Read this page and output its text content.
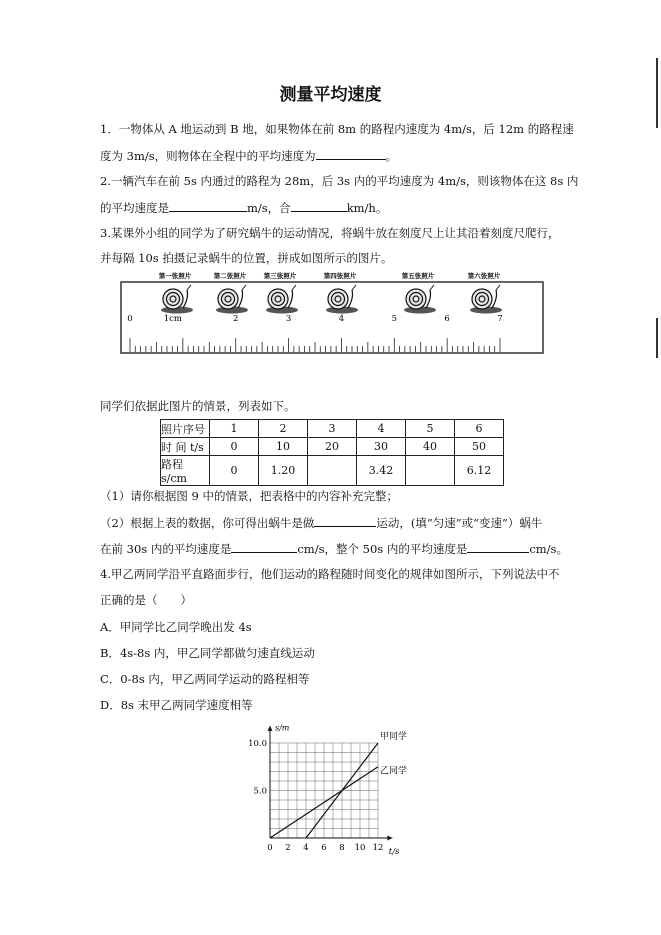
测量平均速度
1．一物体从 A 地运动到 B 地，如果物体在前 8m 的路程内速度为 4m/s，后 12m 的路程速
度为 3m/s，则物体在全程中的平均速度为	。
2.一辆汽车在前 5s 内通过的路程为 28m，后 3s 内的平均速度为 4m/s，则该物体在这 8s 内
的平均速度是	m/s，合	km/h。
3.某课外小组的同学为了研究蜗牛的运动情况，将蜗牛放在刻度尺上让其沿着刻度尺爬行，
并每隔 10s 拍摄记录蜗牛的位置，拼成如图所示的图片。
0	1cm	2	3	4	5	6	7
第一张照片	第二张照片	第三张照片	第四张照片	第五张照片	第六张照片
同学们依据此图片的情景，列表如下。
照片序号	1	2	3	4	5	6
时 间 t/s	0	10	20	30	40	50
路程 s/cm	0	1.20		3.42		6.12
（1）请你根据图 9 中的情景，把表格中的内容补充完整；
（2）根据上表的数据，你可得出蜗牛是做	运动，(填“匀速”或“变速”）蜗牛
在前 30s 内的平均速度是	cm/s，整个 50s 内的平均速度是	cm/s。
4.甲乙两同学沿平直路面步行，他们运动的路程随时间变化的规律如图所示，下列说法中不
正确的是（　　）
A．甲同学比乙同学晚出发 4s
B．4s-8s 内，甲乙同学都做匀速直线运动
C．0-8s 内，甲乙两同学运动的路程相等
D．8s 末甲乙两同学速度相等
s/m
t/s
0 2 4 6 8 10 12
5.0
10.0
甲同学
乙同学
